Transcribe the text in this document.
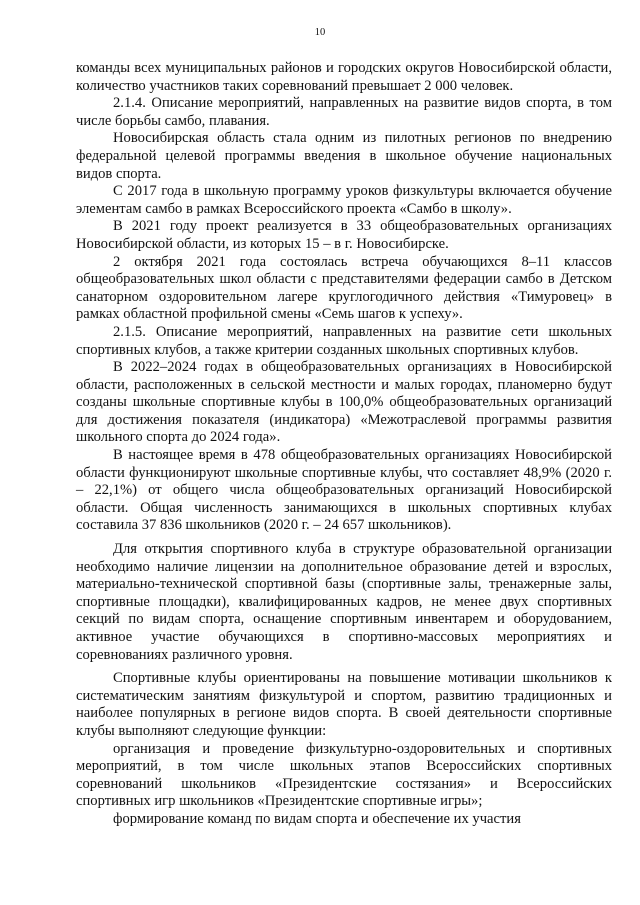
10

команды всех муниципальных районов и городских округов Новосибирской области, количество участников таких соревнований превышает 2 000 человек.

2.1.4. Описание мероприятий, направленных на развитие видов спорта, в том числе борьбы самбо, плавания.

Новосибирская область стала одним из пилотных регионов по внедрению федеральной целевой программы введения в школьное обучение национальных видов спорта.

С 2017 года в школьную программу уроков физкультуры включается обучение элементам самбо в рамках Всероссийского проекта «Самбо в школу».

В 2021 году проект реализуется в 33 общеобразовательных организациях Новосибирской области, из которых 15 – в г. Новосибирске.

2 октября 2021 года состоялась встреча обучающихся 8–11 классов общеобразовательных школ области с представителями федерации самбо в Детском санаторном оздоровительном лагере круглогодичного действия «Тимуровец» в рамках областной профильной смены «Семь шагов к успеху».

2.1.5. Описание мероприятий, направленных на развитие сети школьных спортивных клубов, а также критерии созданных школьных спортивных клубов.

В 2022–2024 годах в общеобразовательных организациях в Новосибирской области, расположенных в сельской местности и малых городах, планомерно будут созданы школьные спортивные клубы в 100,0% общеобразовательных организаций для достижения показателя (индикатора) «Межотраслевой программы развития школьного спорта до 2024 года».

В настоящее время в 478 общеобразовательных организациях Новосибирской области функционируют школьные спортивные клубы, что составляет 48,9% (2020 г. – 22,1%) от общего числа общеобразовательных организаций Новосибирской области. Общая численность занимающихся в школьных спортивных клубах составила 37 836 школьников (2020 г. – 24 657 школьников).

Для открытия спортивного клуба в структуре образовательной организации необходимо наличие лицензии на дополнительное образование детей и взрослых, материально-технической спортивной базы (спортивные залы, тренажерные залы, спортивные площадки), квалифицированных кадров, не менее двух спортивных секций по видам спорта, оснащение спортивным инвентарем и оборудованием, активное участие обучающихся в спортивно-массовых мероприятиях и соревнованиях различного уровня.

Спортивные клубы ориентированы на повышение мотивации школьников к систематическим занятиям физкультурой и спортом, развитию традиционных и наиболее популярных в регионе видов спорта. В своей деятельности спортивные клубы выполняют следующие функции:

организация и проведение физкультурно-оздоровительных и спортивных мероприятий, в том числе школьных этапов Всероссийских спортивных соревнований школьников «Президентские состязания» и Всероссийских спортивных игр школьников «Президентские спортивные игры»;

формирование команд по видам спорта и обеспечение их участия
